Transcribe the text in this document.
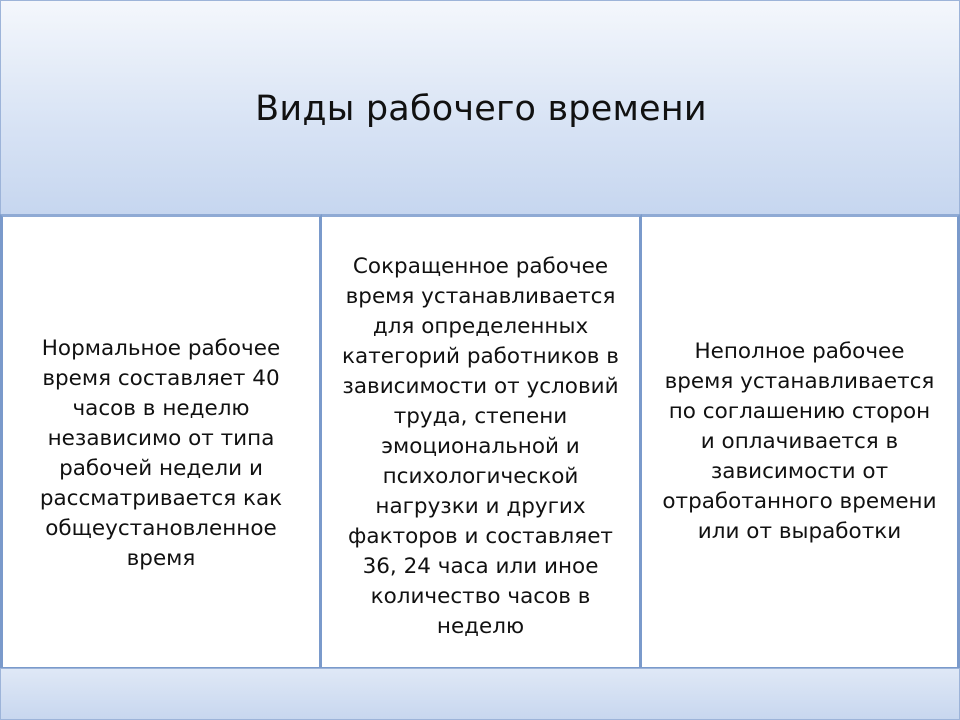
Виды рабочего времени
Нормальное рабочее
время составляет 40
часов в неделю
независимо от типа
рабочей недели и
рассматривается как
общеустановленное
время
Сокращенное рабочее
время устанавливается
для определенных
категорий работников в
зависимости от условий
труда, степени
эмоциональной и
психологической
нагрузки и других
факторов и составляет
36, 24 часа или иное
количество часов в
неделю
Неполное рабочее
время устанавливается
по соглашению сторон
и оплачивается в
зависимости от
отработанного времени
или от выработки
